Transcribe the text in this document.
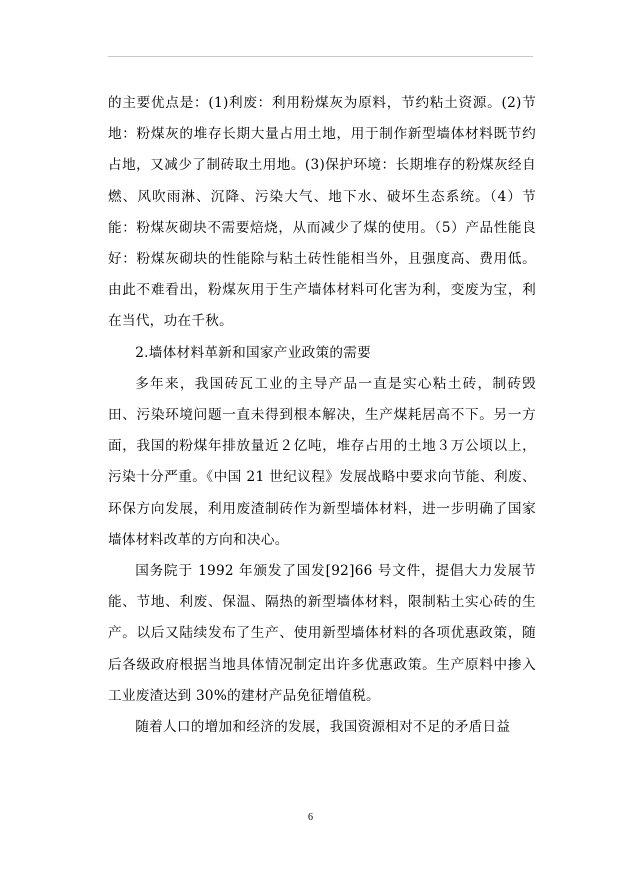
的主要优点是：(1)利废：利用粉煤灰为原料，节约粘土资源。(2)节地：粉煤灰的堆存长期大量占用土地，用于制作新型墙体材料既节约占地，又减少了制砖取土用地。(3)保护环境：长期堆存的粉煤灰经自燃、风吹雨淋、沉降、污染大气、地下水、破坏生态系统。（4）节能：粉煤灰砌块不需要焙烧，从而减少了煤的使用。（5）产品性能良好：粉煤灰砌块的性能除与粘土砖性能相当外，且强度高、费用低。由此不难看出，粉煤灰用于生产墙体材料可化害为利，变废为宝，利在当代，功在千秋。

2.墙体材料革新和国家产业政策的需要

多年来，我国砖瓦工业的主导产品一直是实心粘土砖，制砖毁田、污染环境问题一直未得到根本解决，生产煤耗居高不下。另一方面，我国的粉煤年排放量近２亿吨，堆存占用的土地３万公顷以上，污染十分严重。《中国 21 世纪议程》发展战略中要求向节能、利废、环保方向发展，利用废渣制砖作为新型墙体材料，进一步明确了国家墙体材料改革的方向和决心。

国务院于 1992 年颁发了国发[92]66 号文件，提倡大力发展节能、节地、利废、保温、隔热的新型墙体材料，限制粘土实心砖的生产。以后又陆续发布了生产、使用新型墙体材料的各项优惠政策，随后各级政府根据当地具体情况制定出许多优惠政策。生产原料中掺入工业废渣达到 30%的建材产品免征增值税。

随着人口的增加和经济的发展，我国资源相对不足的矛盾日益

6
